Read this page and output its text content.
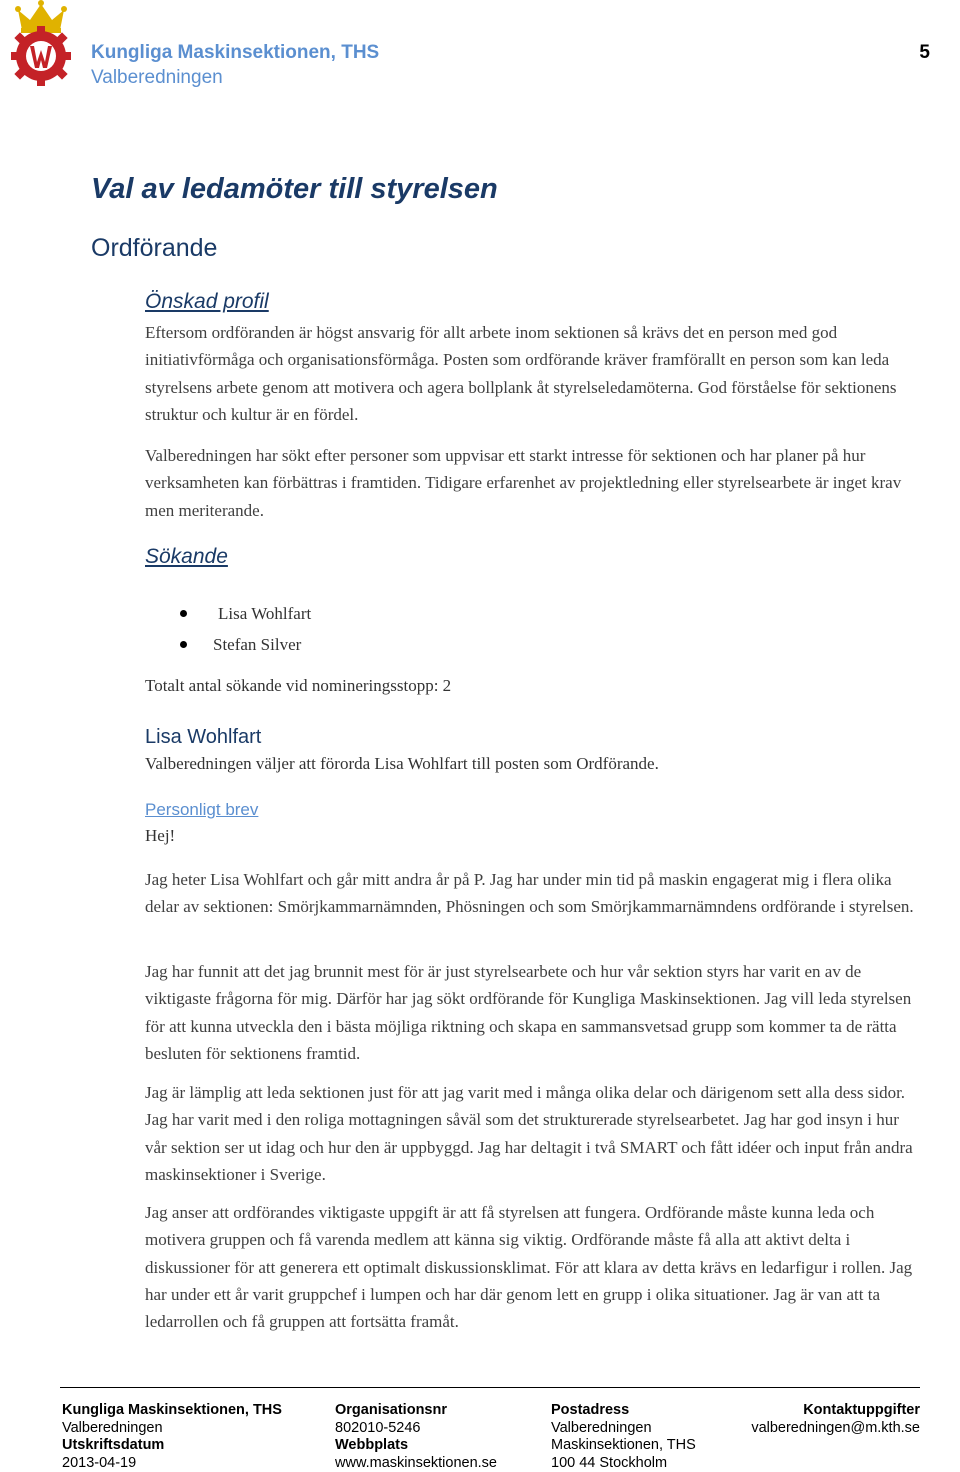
Kungliga Maskinsektionen, THS
Valberedningen
5
Val av ledamöter till styrelsen
Ordförande
Önskad profil
Eftersom ordföranden är högst ansvarig för allt arbete inom sektionen så krävs det en person med god initiativförmåga och organisationsförmåga. Posten som ordförande kräver framförallt en person som kan leda styrelsens arbete genom att motivera och agera bollplank åt styrelseledamöterna. God förståelse för sektionens struktur och kultur är en fördel.
Valberedningen har sökt efter personer som uppvisar ett starkt intresse för sektionen och har planer på hur verksamheten kan förbättras i framtiden. Tidigare erfarenhet av projektledning eller styrelsearbete är inget krav men meriterande.
Sökande
Lisa Wohlfart
Stefan Silver
Totalt antal sökande vid nomineringsstopp: 2
Lisa Wohlfart
Valberedningen väljer att förorda Lisa Wohlfart till posten som Ordförande.
Personligt brev
Hej!
Jag heter Lisa Wohlfart och går mitt andra år på P. Jag har under min tid på maskin engagerat mig i flera olika delar av sektionen: Smörjkammarnämnden, Phösningen och som Smörjkammarnämndens ordförande i styrelsen.
Jag har funnit att det jag brunnit mest för är just styrelsearbete och hur vår sektion styrs har varit en av de viktigaste frågorna för mig. Därför har jag sökt ordförande för Kungliga Maskinsektionen. Jag vill leda styrelsen för att kunna utveckla den i bästa möjliga riktning och skapa en sammansvetsad grupp som kommer ta de rätta besluten för sektionens framtid.
Jag är lämplig att leda sektionen just för att jag varit med i många olika delar och därigenom sett alla dess sidor. Jag har varit med i den roliga mottagningen såväl som det strukturerade styrelsearbetet. Jag har god insyn i hur vår sektion ser ut idag och hur den är uppbyggd. Jag har deltagit i två SMART och fått idéer och input från andra maskinsektioner i Sverige.
Jag anser att ordförandes viktigaste uppgift är att få styrelsen att fungera. Ordförande måste kunna leda och motivera gruppen och få varenda medlem att känna sig viktig. Ordförande måste få alla att aktivt delta i diskussioner för att generera ett optimalt diskussionsklimat. För att klara av detta krävs en ledarfigur i rollen. Jag har under ett år varit gruppchef i lumpen och har där genom lett en grupp i olika situationer. Jag är van att ta ledarrollen och få gruppen att fortsätta framåt.
Kungliga Maskinsektionen, THS
Valberedningen
Utskriftsdatum
2013-04-19
Organisationsnr
802010-5246
Webbplats
www.maskinsektionen.se
Postadress
Valberedningen
Maskinsektionen, THS
100 44 Stockholm
Kontaktuppgifter
valberedningen@m.kth.se
